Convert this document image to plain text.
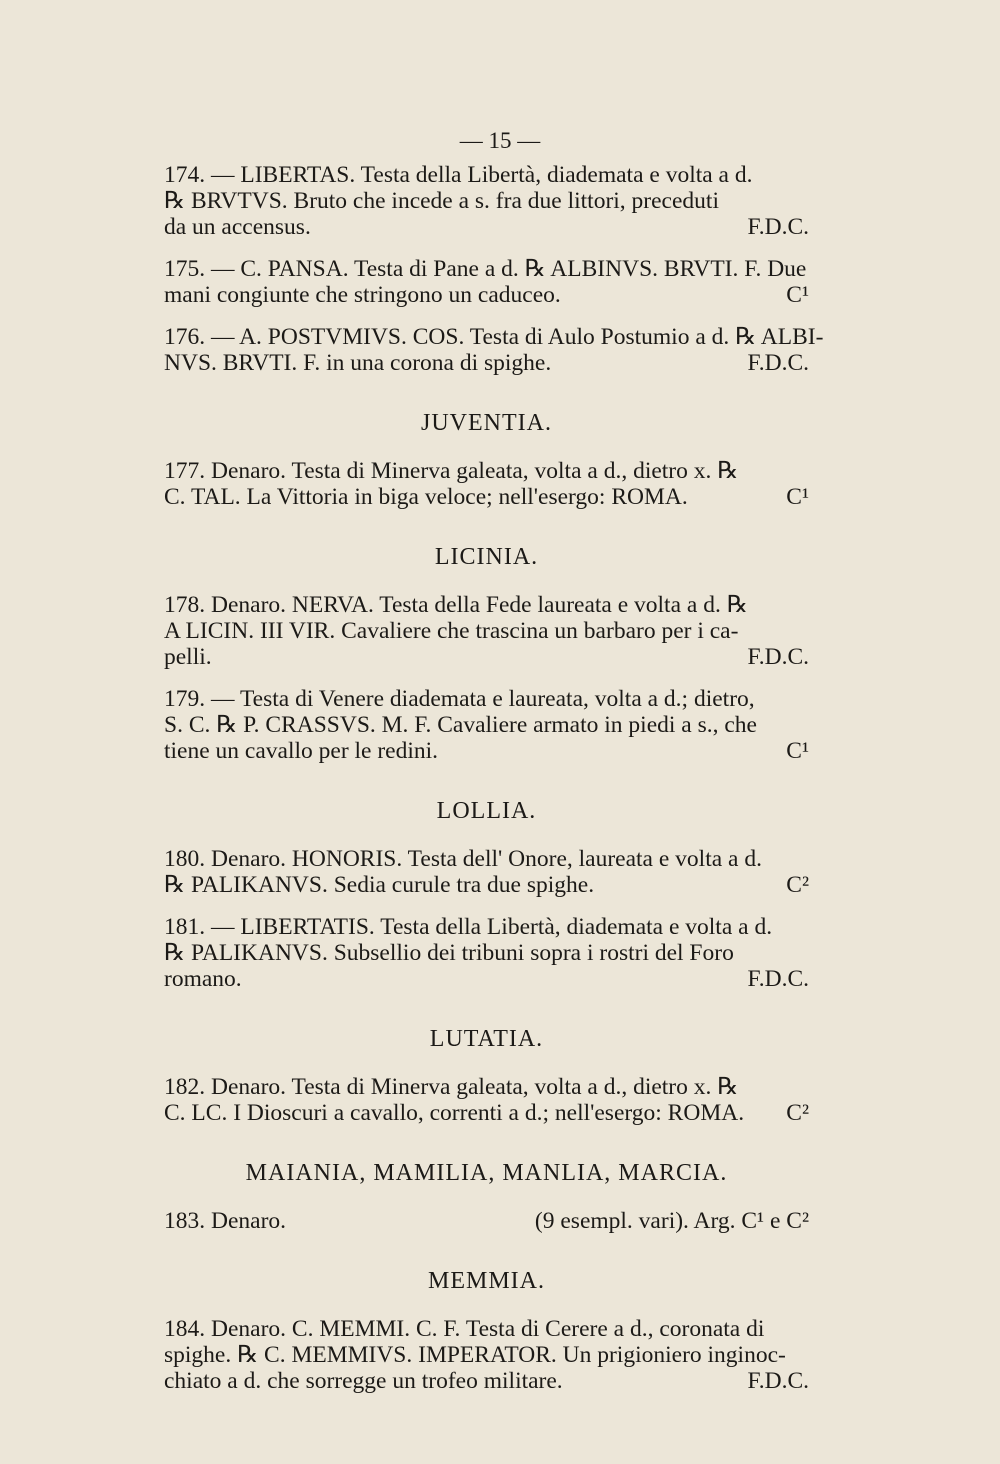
— 15 —
174. — LIBERTAS. Testa della Libertà, diademata e volta a d.
℞ BRVTVS. Bruto che incede a s. fra due littori, preceduti
da un accensus.	F.D.C.
175. — C. PANSA. Testa di Pane a d. ℞ ALBINVS. BRVTI. F. Due
mani congiunte che stringono un caduceo.	C¹
176. — A. POSTVMIVS. COS. Testa di Aulo Postumio a d. ℞ ALBI-
NVS. BRVTI. F. in una corona di spighe.	F.D.C.
JUVENTIA.
177. Denaro. Testa di Minerva galeata, volta a d., dietro x. ℞
C. TAL. La Vittoria in biga veloce; nell'esergo: ROMA.	C¹
LICINIA.
178. Denaro. NERVA. Testa della Fede laureata e volta a d. ℞
A LICIN. III VIR. Cavaliere che trascina un barbaro per i ca-
pelli.	F.D.C.
179. — Testa di Venere diademata e laureata, volta a d.; dietro,
S. C. ℞ P. CRASSVS. M. F. Cavaliere armato in piedi a s., che
tiene un cavallo per le redini.	C¹
LOLLIA.
180. Denaro. HONORIS. Testa dell' Onore, laureata e volta a d.
℞ PALIKANVS. Sedia curule tra due spighe.	C²
181. — LIBERTATIS. Testa della Libertà, diademata e volta a d.
℞ PALIKANVS. Subsellio dei tribuni sopra i rostri del Foro
romano.	F.D.C.
LUTATIA.
182. Denaro. Testa di Minerva galeata, volta a d., dietro x. ℞
C. LC. I Dioscuri a cavallo, correnti a d.; nell'esergo: ROMA. C²
MAIANIA, MAMILIA, MANLIA, MARCIA.
183. Denaro.	(9 esempl. vari). Arg. C¹ e C²
MEMMIA.
184. Denaro. C. MEMMI. C. F. Testa di Cerere a d., coronata di
spighe. ℞ C. MEMMIVS. IMPERATOR. Un prigioniero inginoc-
chiato a d. che sorregge un trofeo militare.	F.D.C.
